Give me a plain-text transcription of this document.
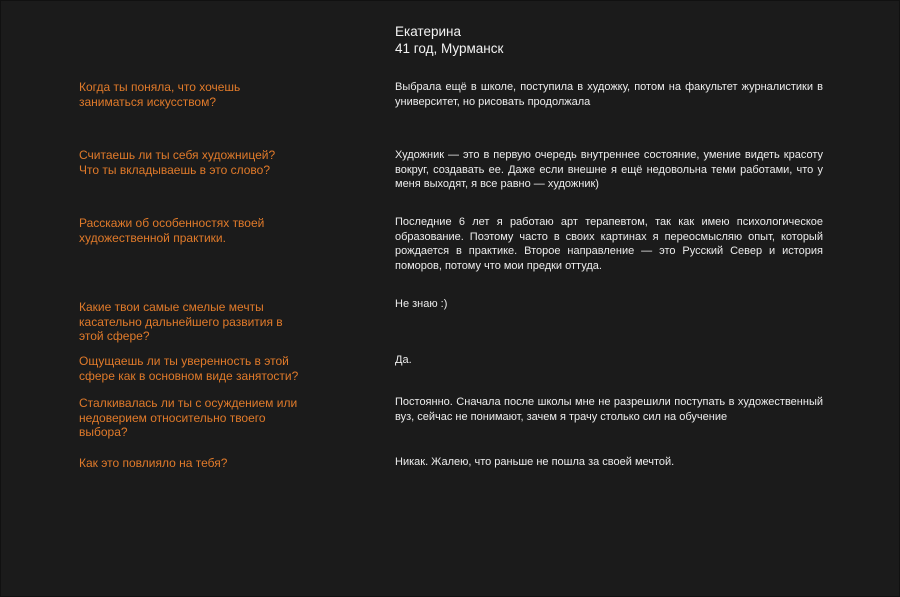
Екатерина
41 год, Мурманск
Когда ты поняла, что хочешь заниматься искусством?
Выбрала ещё в школе, поступила в художку, потом на факультет журналистики в университет, но рисовать продолжала
Считаешь ли ты себя художницей? Что ты вкладываешь в это слово?
Художник — это в первую очередь внутреннее состояние, умение видеть красоту вокруг, создавать ее. Даже если внешне я ещё недовольна теми работами, что у меня выходят, я все равно — художник)
Расскажи об особенностях твоей художественной практики.
Последние 6 лет я работаю арт терапевтом, так как имею психологическое образование. Поэтому часто в своих картинах я переосмысляю опыт, который рождается в практике. Второе направление — это Русский Север и история поморов, потому что мои предки оттуда.
Какие твои самые смелые мечты касательно дальнейшего развития в этой сфере?
Не знаю :)
Ощущаешь ли ты уверенность в этой сфере как в основном виде занятости?
Да.
Сталкивалась ли ты с осуждением или недоверием относительно твоего выбора?
Постоянно. Сначала после школы мне не разрешили поступать в художественный вуз, сейчас не понимают, зачем я трачу столько сил на обучение
Как это повлияло на тебя?	Никак. Жалею, что раньше не пошла за своей мечтой.
